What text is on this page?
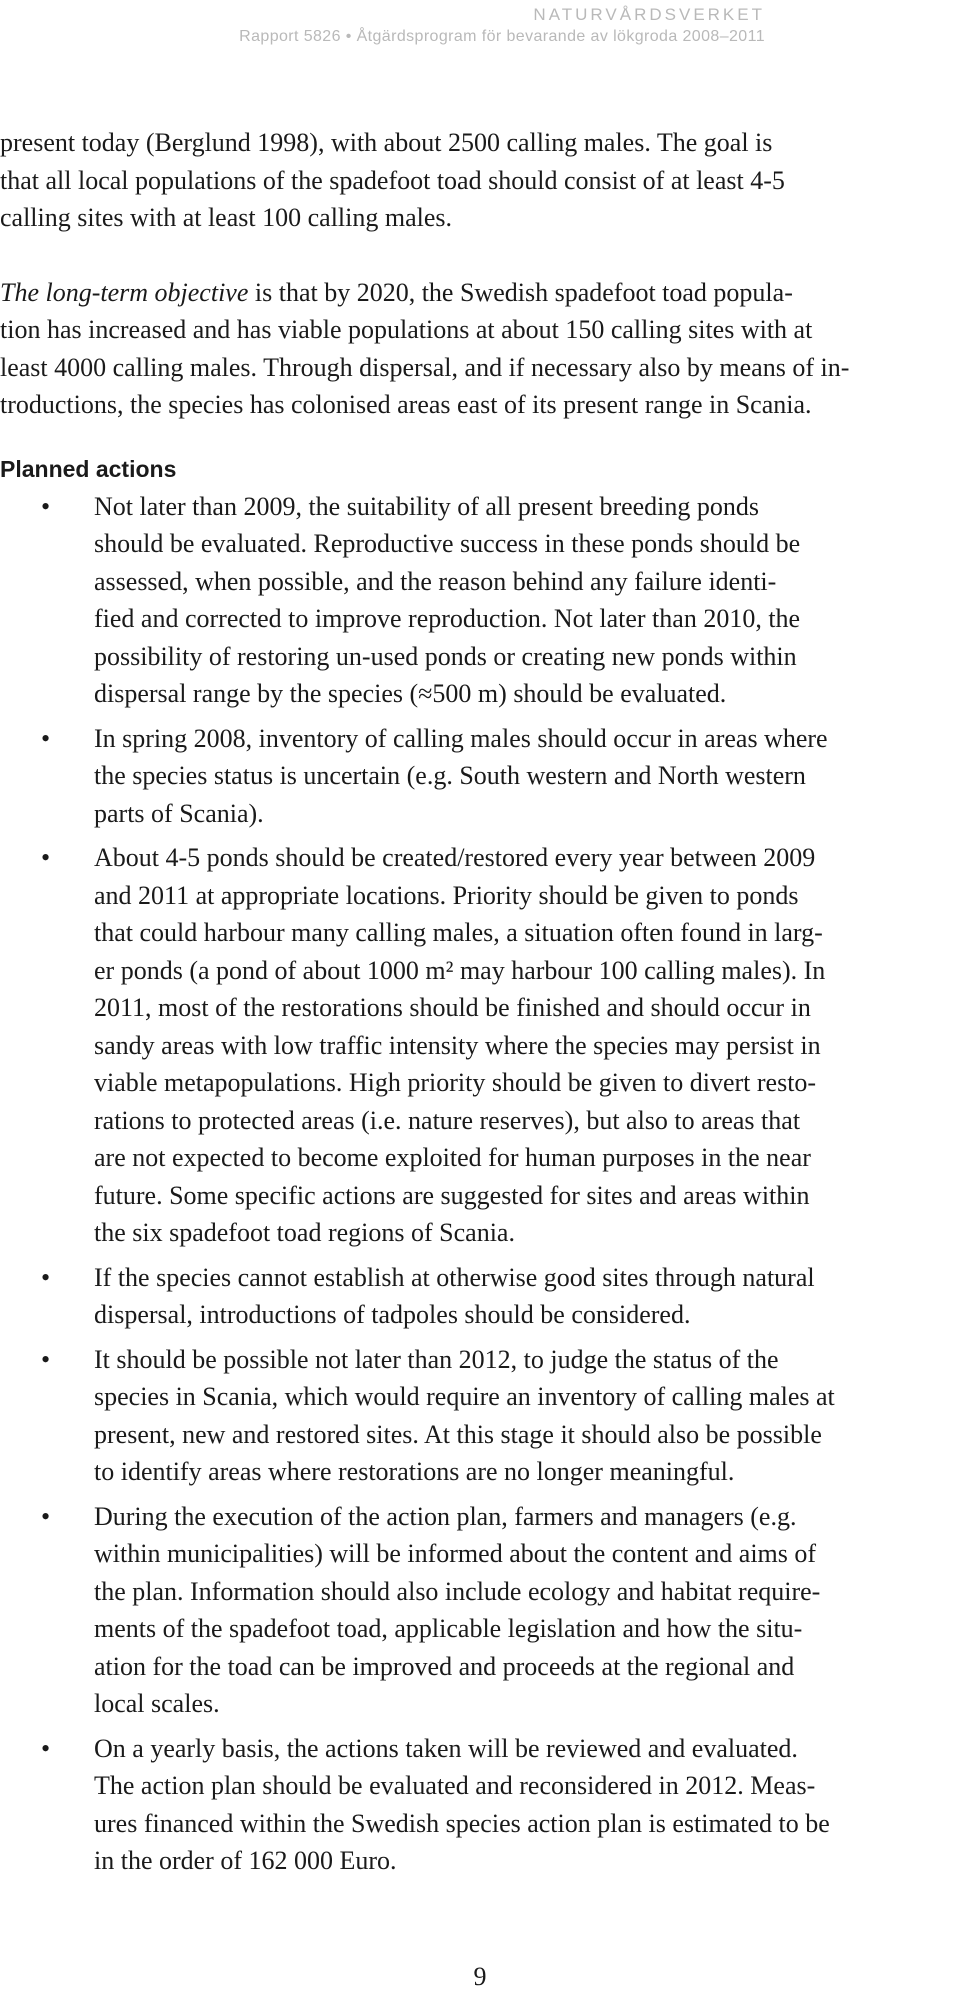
NATURVÅRDSVERKET
Rapport 5826 • Åtgärdsprogram för bevarande av lökgroda 2008–2011

present today (Berglund 1998), with about 2500 calling males. The goal is
that all local populations of the spadefoot toad should consist of at least 4-5
calling sites with at least 100 calling males.

The long-term objective is that by 2020, the Swedish spadefoot toad popula-
tion has increased and has viable populations at about 150 calling sites with at
least 4000 calling males. Through dispersal, and if necessary also by means of in-
troductions, the species has colonised areas east of its present range in Scania.

Planned actions
• Not later than 2009, the suitability of all present breeding ponds
should be evaluated. Reproductive success in these ponds should be
assessed, when possible, and the reason behind any failure identi-
fied and corrected to improve reproduction. Not later than 2010, the
possibility of restoring un-used ponds or creating new ponds within
dispersal range by the species (≈500 m) should be evaluated.
• In spring 2008, inventory of calling males should occur in areas where
the species status is uncertain (e.g. South western and North western
parts of Scania).
• About 4-5 ponds should be created/restored every year between 2009
and 2011 at appropriate locations. Priority should be given to ponds
that could harbour many calling males, a situation often found in larg-
er ponds (a pond of about 1000 m² may harbour 100 calling males). In
2011, most of the restorations should be finished and should occur in
sandy areas with low traffic intensity where the species may persist in
viable metapopulations. High priority should be given to divert resto-
rations to protected areas (i.e. nature reserves), but also to areas that
are not expected to become exploited for human purposes in the near
future. Some specific actions are suggested for sites and areas within
the six spadefoot toad regions of Scania.
• If the species cannot establish at otherwise good sites through natural
dispersal, introductions of tadpoles should be considered.
• It should be possible not later than 2012, to judge the status of the
species in Scania, which would require an inventory of calling males at
present, new and restored sites. At this stage it should also be possible
to identify areas where restorations are no longer meaningful.
• During the execution of the action plan, farmers and managers (e.g.
within municipalities) will be informed about the content and aims of
the plan. Information should also include ecology and habitat require-
ments of the spadefoot toad, applicable legislation and how the situ-
ation for the toad can be improved and proceeds at the regional and
local scales.
• On a yearly basis, the actions taken will be reviewed and evaluated.
The action plan should be evaluated and reconsidered in 2012. Meas-
ures financed within the Swedish species action plan is estimated to be
in the order of 162 000 Euro.
9
